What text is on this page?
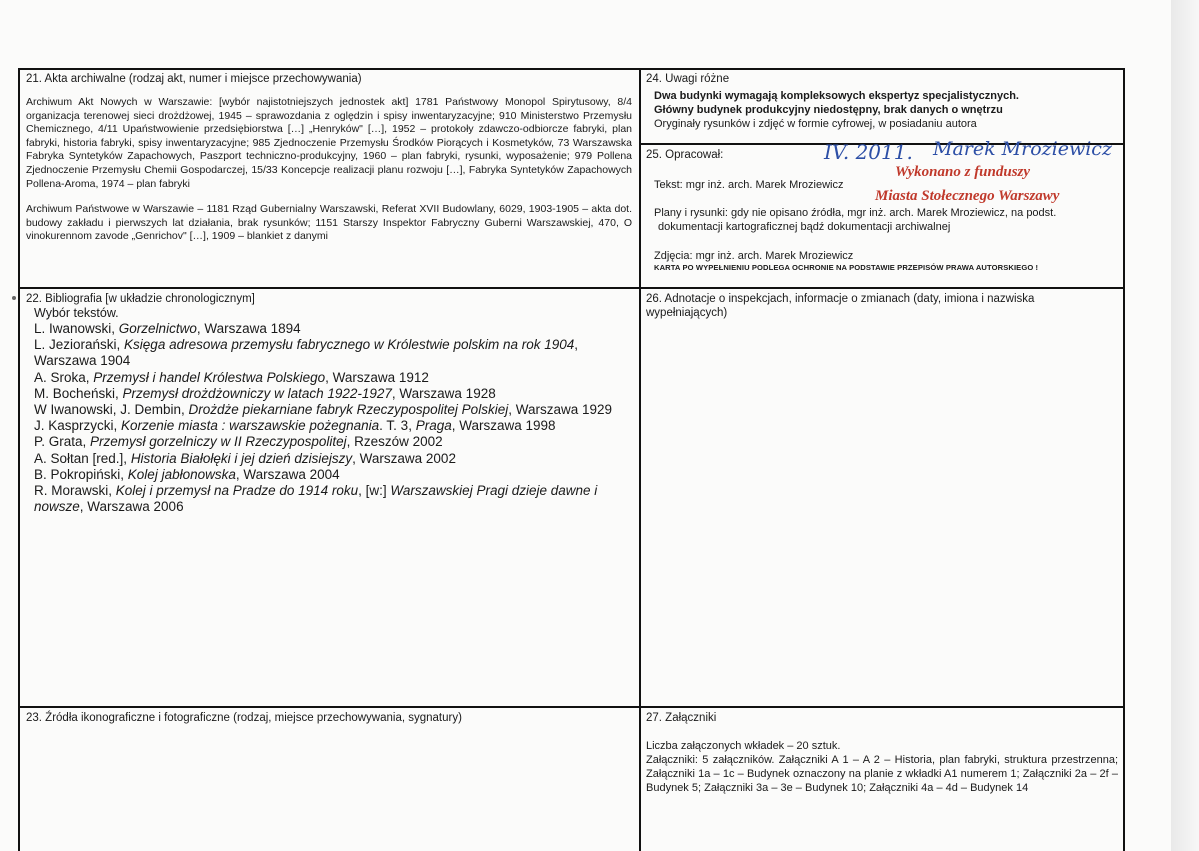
21. Akta archiwalne (rodzaj akt, numer i miejsce przechowywania)
Archiwum Akt Nowych w Warszawie: [wybór najistotniejszych jednostek akt] 1781 Państwowy Monopol Spirytusowy, 8/4 organizacja terenowej sieci drożdżowej, 1945 – sprawozdania z oględzin i spisy inwentaryzacyjne; 910 Ministerstwo Przemysłu Chemicznego, 4/11 Upaństwowienie przedsiębiorstwa […] „Henryków" […], 1952 – protokoły zdawczo-odbiorcze fabryki, plan fabryki, historia fabryki, spisy inwentaryzacyjne; 985 Zjednoczenie Przemysłu Środków Piorących i Kosmetyków, 73 Warszawska Fabryka Syntetyków Zapachowych, Paszport techniczno-produkcyjny, 1960 – plan fabryki, rysunki, wyposażenie; 979 Pollena Zjednoczenie Przemysłu Chemii Gospodarczej, 15/33 Koncepcje realizacji planu rozwoju […], Fabryka Syntetyków Zapachowych Pollena-Aroma, 1974 – plan fabryki
Archiwum Państwowe w Warszawie – 1181 Rząd Gubernialny Warszawski, Referat XVII Budowlany, 6029, 1903-1905 – akta dot. budowy zakładu i pierwszych lat działania, brak rysunków; 1151 Starszy Inspektor Fabryczny Guberni Warszawskiej, 470, O vinokurennom zavode „Genrichov" […], 1909 – blankiet z danymi
24. Uwagi różne
Dwa budynki wymagają kompleksowych ekspertyz specjalistycznych.
Główny budynek produkcyjny niedostępny, brak danych o wnętrzu
Oryginały rysunków i zdjęć w formie cyfrowej, w posiadaniu autora
25. Opracował:
Tekst: mgr inż. arch. Marek Mrozіewicz
Plany i rysunki: gdy nie opisano źródła, mgr inż. arch. Marek Mroziewicz, na podst.
dokumentacji kartograficznej bądź dokumentacji archiwalnej
Zdjęcia: mgr inż. arch. Marek Mroziewicz
KARTA PO WYPEŁNIENIU PODLEGA OCHRONIE NA PODSTAWIE PRZEPISÓW PRAWA AUTORSKIEGO !
Wykonano z funduszy
Miasta Stołecznego Warszawy
IV. 2011. Marek Mroziewicz
22. Bibliografia [w układzie chronologicznym]
Wybór tekstów.
L. Iwanowski, Gorzelnictwo, Warszawa 1894
L. Jeziorański, Księga adresowa przemysłu fabrycznego w Królestwie polskim na rok 1904, Warszawa 1904
A. Sroka, Przemysł i handel Królestwa Polskiego, Warszawa 1912
M. Bocheński, Przemysł drożdżowniczy w latach 1922-1927, Warszawa 1928
W Iwanowski, J. Dembin, Drożdże piekarniane fabryk Rzeczypospolitej Polskiej, Warszawa 1929
J. Kasprzycki, Korzenie miasta : warszawskie pożegnania. T. 3, Praga, Warszawa 1998
P. Grata, Przemysł gorzelniczy w II Rzeczypospolitej, Rzeszów 2002
A. Sołtan [red.], Historia Białołęki i jej dzień dzisiejszy, Warszawa 2002
B. Pokropiński, Kolej jabłonowska, Warszawa 2004
R. Morawski, Kolej i przemysł na Pradze do 1914 roku, [w:] Warszawskiej Pragi dzieje dawne i nowsze, Warszawa 2006
26. Adnotacje o inspekcjach, informacje o zmianach (daty, imiona i nazwiska wypełniających)
23. Źródła ikonograficzne i fotograficzne (rodzaj, miejsce przechowywania, sygnatury)	27. Załączniki
Liczba załączonych wkładek – 20 sztuk.
Załączniki: 5 załączników. Załączniki A 1 – A 2 – Historia, plan fabryki, struktura przestrzenna; Załączniki 1a – 1c – Budynek oznaczony na planie z wkładki A1 numerem 1; Załączniki 2a – 2f – Budynek 5; Załączniki 3a – 3e – Budynek 10; Załączniki 4a – 4d – Budynek 14
